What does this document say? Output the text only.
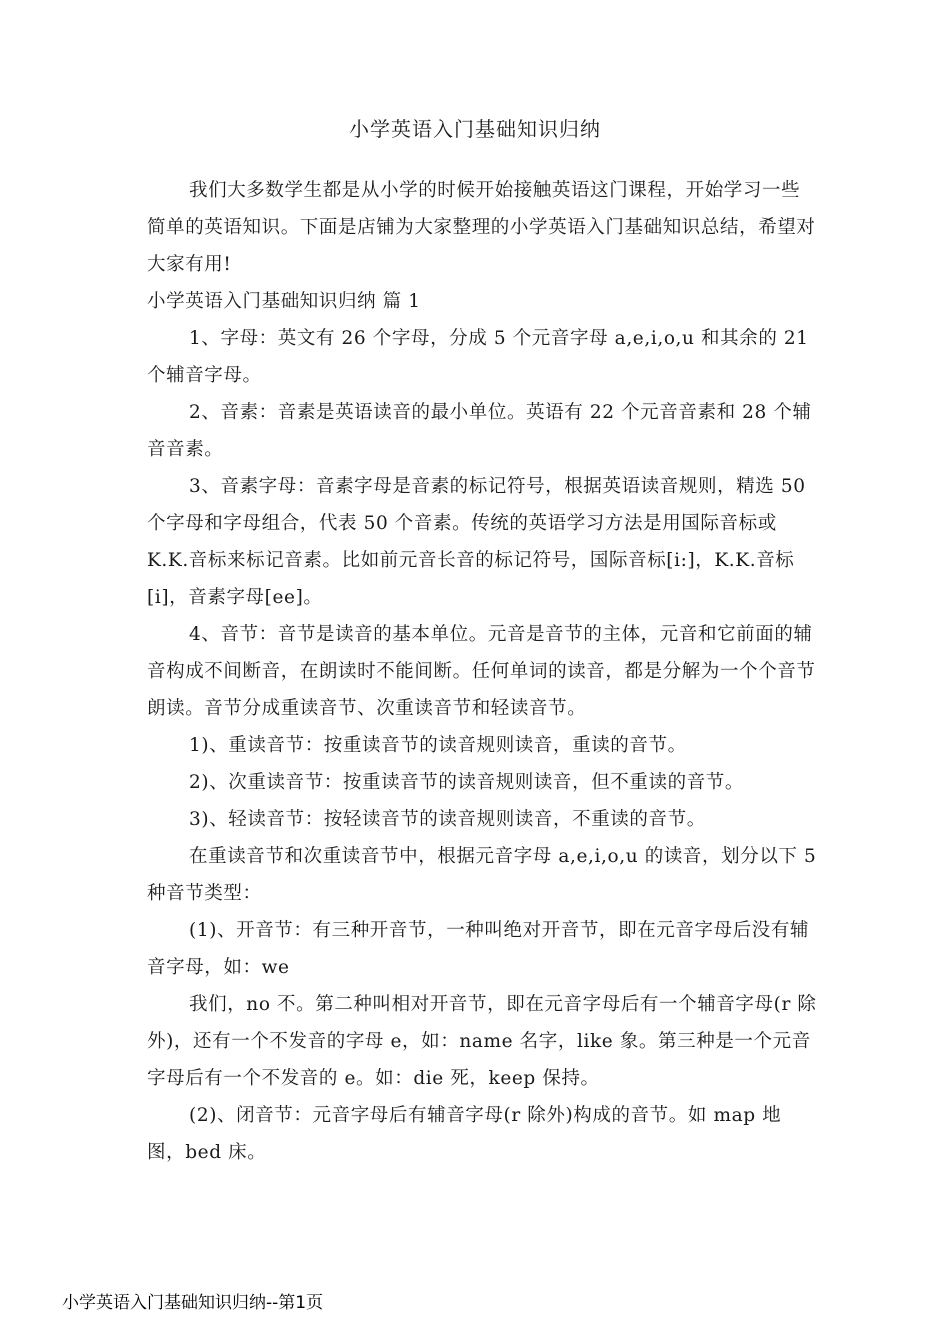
小学英语入门基础知识归纳

我们大多数学生都是从小学的时候开始接触英语这门课程，开始学习一些简单的英语知识。下面是店铺为大家整理的小学英语入门基础知识总结，希望对大家有用!

小学英语入门基础知识归纳 篇 1

1、字母：英文有 26 个字母，分成 5 个元音字母 a,e,i,o,u 和其余的 21 个辅音字母。

2、音素：音素是英语读音的最小单位。英语有 22 个元音音素和 28 个辅音音素。

3、音素字母：音素字母是音素的标记符号，根据英语读音规则，精选 50 个字母和字母组合，代表 50 个音素。传统的英语学习方法是用国际音标或 K.K.音标来标记音素。比如前元音长音的标记符号，国际音标[i:]，K.K.音标[i]，音素字母[ee]。

4、音节：音节是读音的基本单位。元音是音节的主体，元音和它前面的辅音构成不间断音，在朗读时不能间断。任何单词的读音，都是分解为一个个音节朗读。音节分成重读音节、次重读音节和轻读音节。

1)、重读音节：按重读音节的读音规则读音，重读的音节。

2)、次重读音节：按重读音节的读音规则读音，但不重读的音节。

3)、轻读音节：按轻读音节的读音规则读音，不重读的音节。

在重读音节和次重读音节中，根据元音字母 a,e,i,o,u 的读音，划分以下 5 种音节类型：

(1)、开音节：有三种开音节，一种叫绝对开音节，即在元音字母后没有辅音字母，如：we

我们，no 不。第二种叫相对开音节，即在元音字母后有一个辅音字母(r 除外)，还有一个不发音的字母 e，如：name 名字，like 象。第三种是一个元音字母后有一个不发音的 e。如：die 死，keep 保持。

(2)、闭音节：元音字母后有辅音字母(r 除外)构成的音节。如 map 地图，bed 床。

小学英语入门基础知识归纳--第1页
